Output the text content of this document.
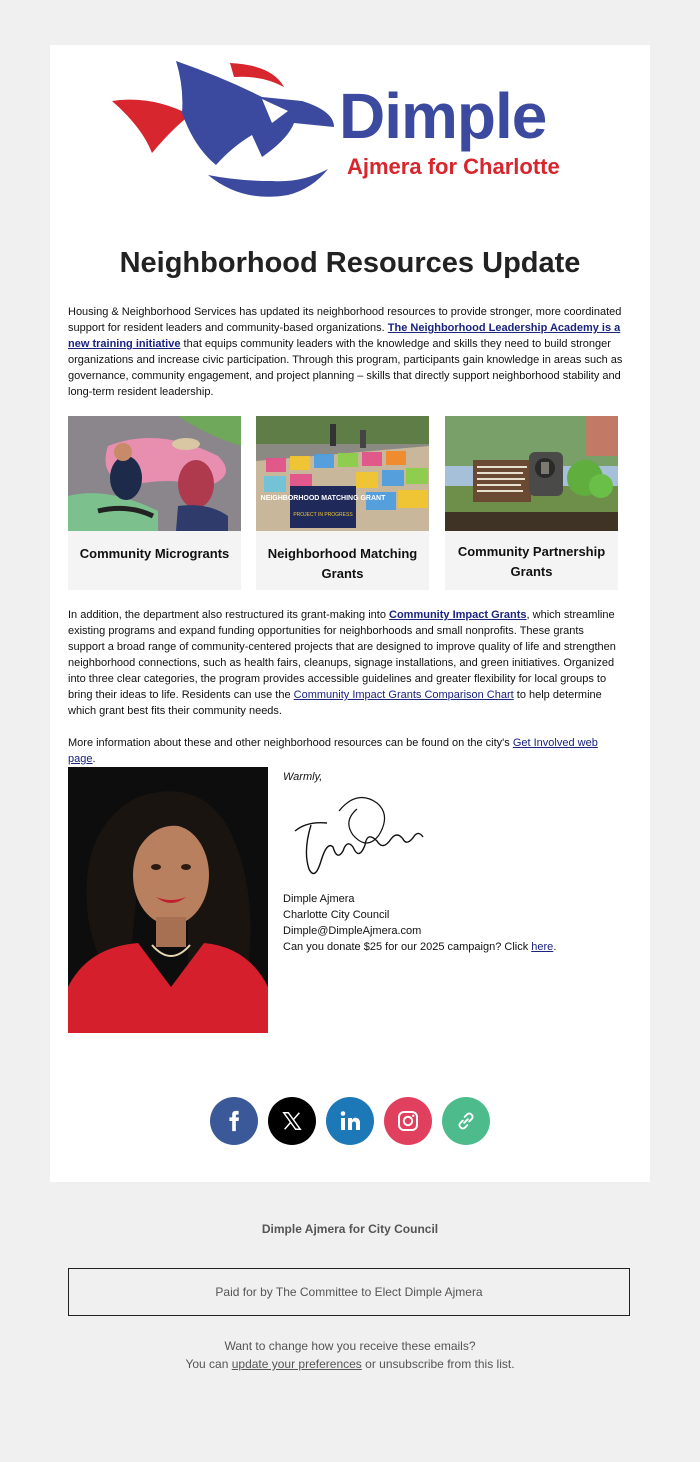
Dimple
Ajmera for Charlotte
Neighborhood Resources Update

Housing & Neighborhood Services has updated its neighborhood resources to provide stronger, more coordinated support for resident leaders and community-based organizations. The Neighborhood Leadership Academy is a new training initiative that equips community leaders with the knowledge and skills they need to build stronger organizations and increase civic participation. Through this program, participants gain knowledge in areas such as governance, community engagement, and project planning – skills that directly support neighborhood stability and long-term resident leadership.

Community Microgrants
NEIGHBORHOOD MATCHING GRANT
PROJECT IN PROGRESS
Neighborhood Matching Grants
Community Partnership Grants

In addition, the department also restructured its grant-making into Community Impact Grants, which streamline existing programs and expand funding opportunities for neighborhoods and small nonprofits. These grants support a broad range of community-centered projects that are designed to improve quality of life and strengthen neighborhood connections, such as health fairs, cleanups, signage installations, and green initiatives. Organized into three clear categories, the program provides accessible guidelines and greater flexibility for local groups to bring their ideas to life. Residents can use the Community Impact Grants Comparison Chart to help determine which grant best fits their community needs.

More information about these and other neighborhood resources can be found on the city's Get Involved web page.

Warmly,
Dimple Ajmera
Charlotte City Council
Dimple@DimpleAjmera.com
Can you donate $25 for our 2025 campaign? Click here.
Dimple Ajmera for City Council
Paid for by The Committee to Elect Dimple Ajmera
Want to change how you receive these emails?
You can update your preferences or unsubscribe from this list.
